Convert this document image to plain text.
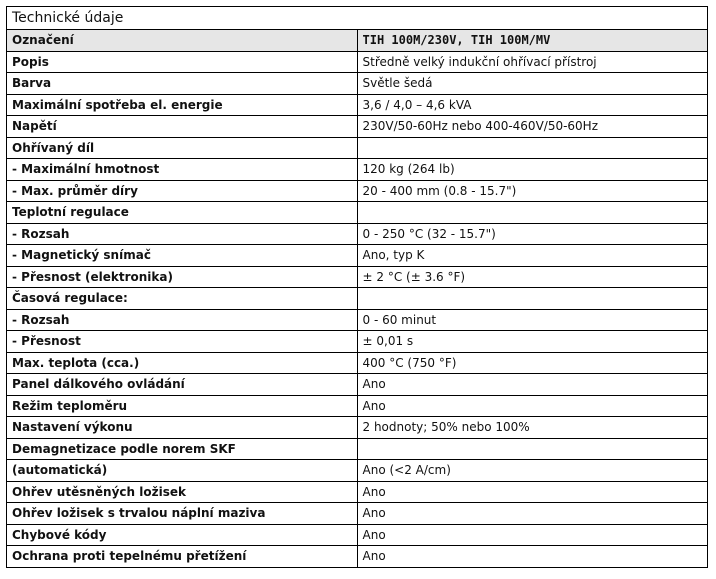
Technické údaje	
Označení	TIH 100M/230V, TIH 100M/MV
Popis	Středně velký indukční ohřívací přístroj
Barva	Světle šedá
Maximální spotřeba el. energie	3,6 / 4,0 – 4,6 kVA
Napětí	230V/50-60Hz nebo 400-460V/50-60Hz
Ohřívaný díl	
- Maximální hmotnost	120 kg (264 lb)
- Max. průměr díry	20 - 400 mm (0.8 - 15.7")
Teplotní regulace	
- Rozsah	0 - 250 °C (32 - 15.7")
- Magnetický snímač	Ano, typ K
- Přesnost (elektronika)	± 2 °C (± 3.6 °F)
Časová regulace:	
- Rozsah	0 - 60 minut
- Přesnost	± 0,01 s
Max. teplota (cca.)	400 °C (750 °F)
Panel dálkového ovládání	Ano
Režim teploměru	Ano
Nastavení výkonu	2 hodnoty; 50% nebo 100%
Demagnetizace podle norem SKF	
(automatická)	Ano (<2 A/cm)
Ohřev utěsněných ložisek	Ano
Ohřev ložisek s trvalou náplní maziva	Ano
Chybové kódy	Ano
Ochrana proti tepelnému přetížení	Ano
